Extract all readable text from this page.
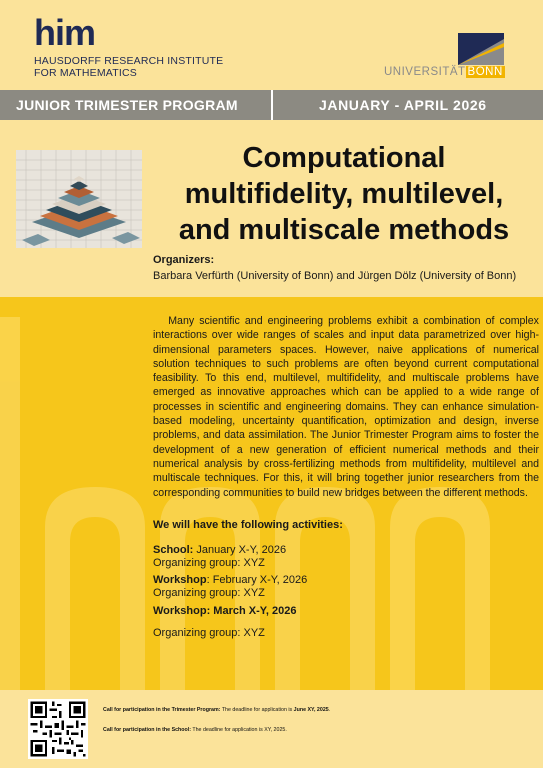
him
HAUSDORFF RESEARCH INSTITUTE
FOR MATHEMATICS	UNIVERSITÄT BONN
JUNIOR TRIMESTER PROGRAM	JANUARY - APRIL 2026
Computational
multifidelity, multilevel,
and multiscale methods
Organizers:
Barbara Verfürth (University of Bonn) and Jürgen Dölz (University of Bonn)
Many scientific and engineering problems exhibit a combination of complex interactions over wide ranges of scales and input data parametrized over high-dimensional parameters spaces. However, naive applications of numerical solution techniques to such problems are often beyond current computational feasibility. To this end, multilevel, multifidelity, and multiscale problems have emerged as innovative approaches which can be applied to a wide range of processes in scientific and engineering domains. They can enhance simulation-based modeling, uncertainty quantification, optimization and design, inverse problems, and data assimilation. The Junior Trimester Program aims to foster the development of a new generation of efficient numerical methods and their numerical analysis by cross-fertilizing methods from multifidelity, multilevel and multiscale techniques. For this, it will bring together junior researchers from the corresponding communities to build new bridges between the different methods.
We will have the following activities:
School: January X-Y, 2026
Organizing group: XYZ
Workshop: February X-Y, 2026
Organizing group: XYZ
Workshop: March X-Y, 2026
Organizing group: XYZ
Call for participation in the Trimester Program: The deadline for application is June XY, 2025.
Call for participation in the School: The deadline for application is XY, 2025.
